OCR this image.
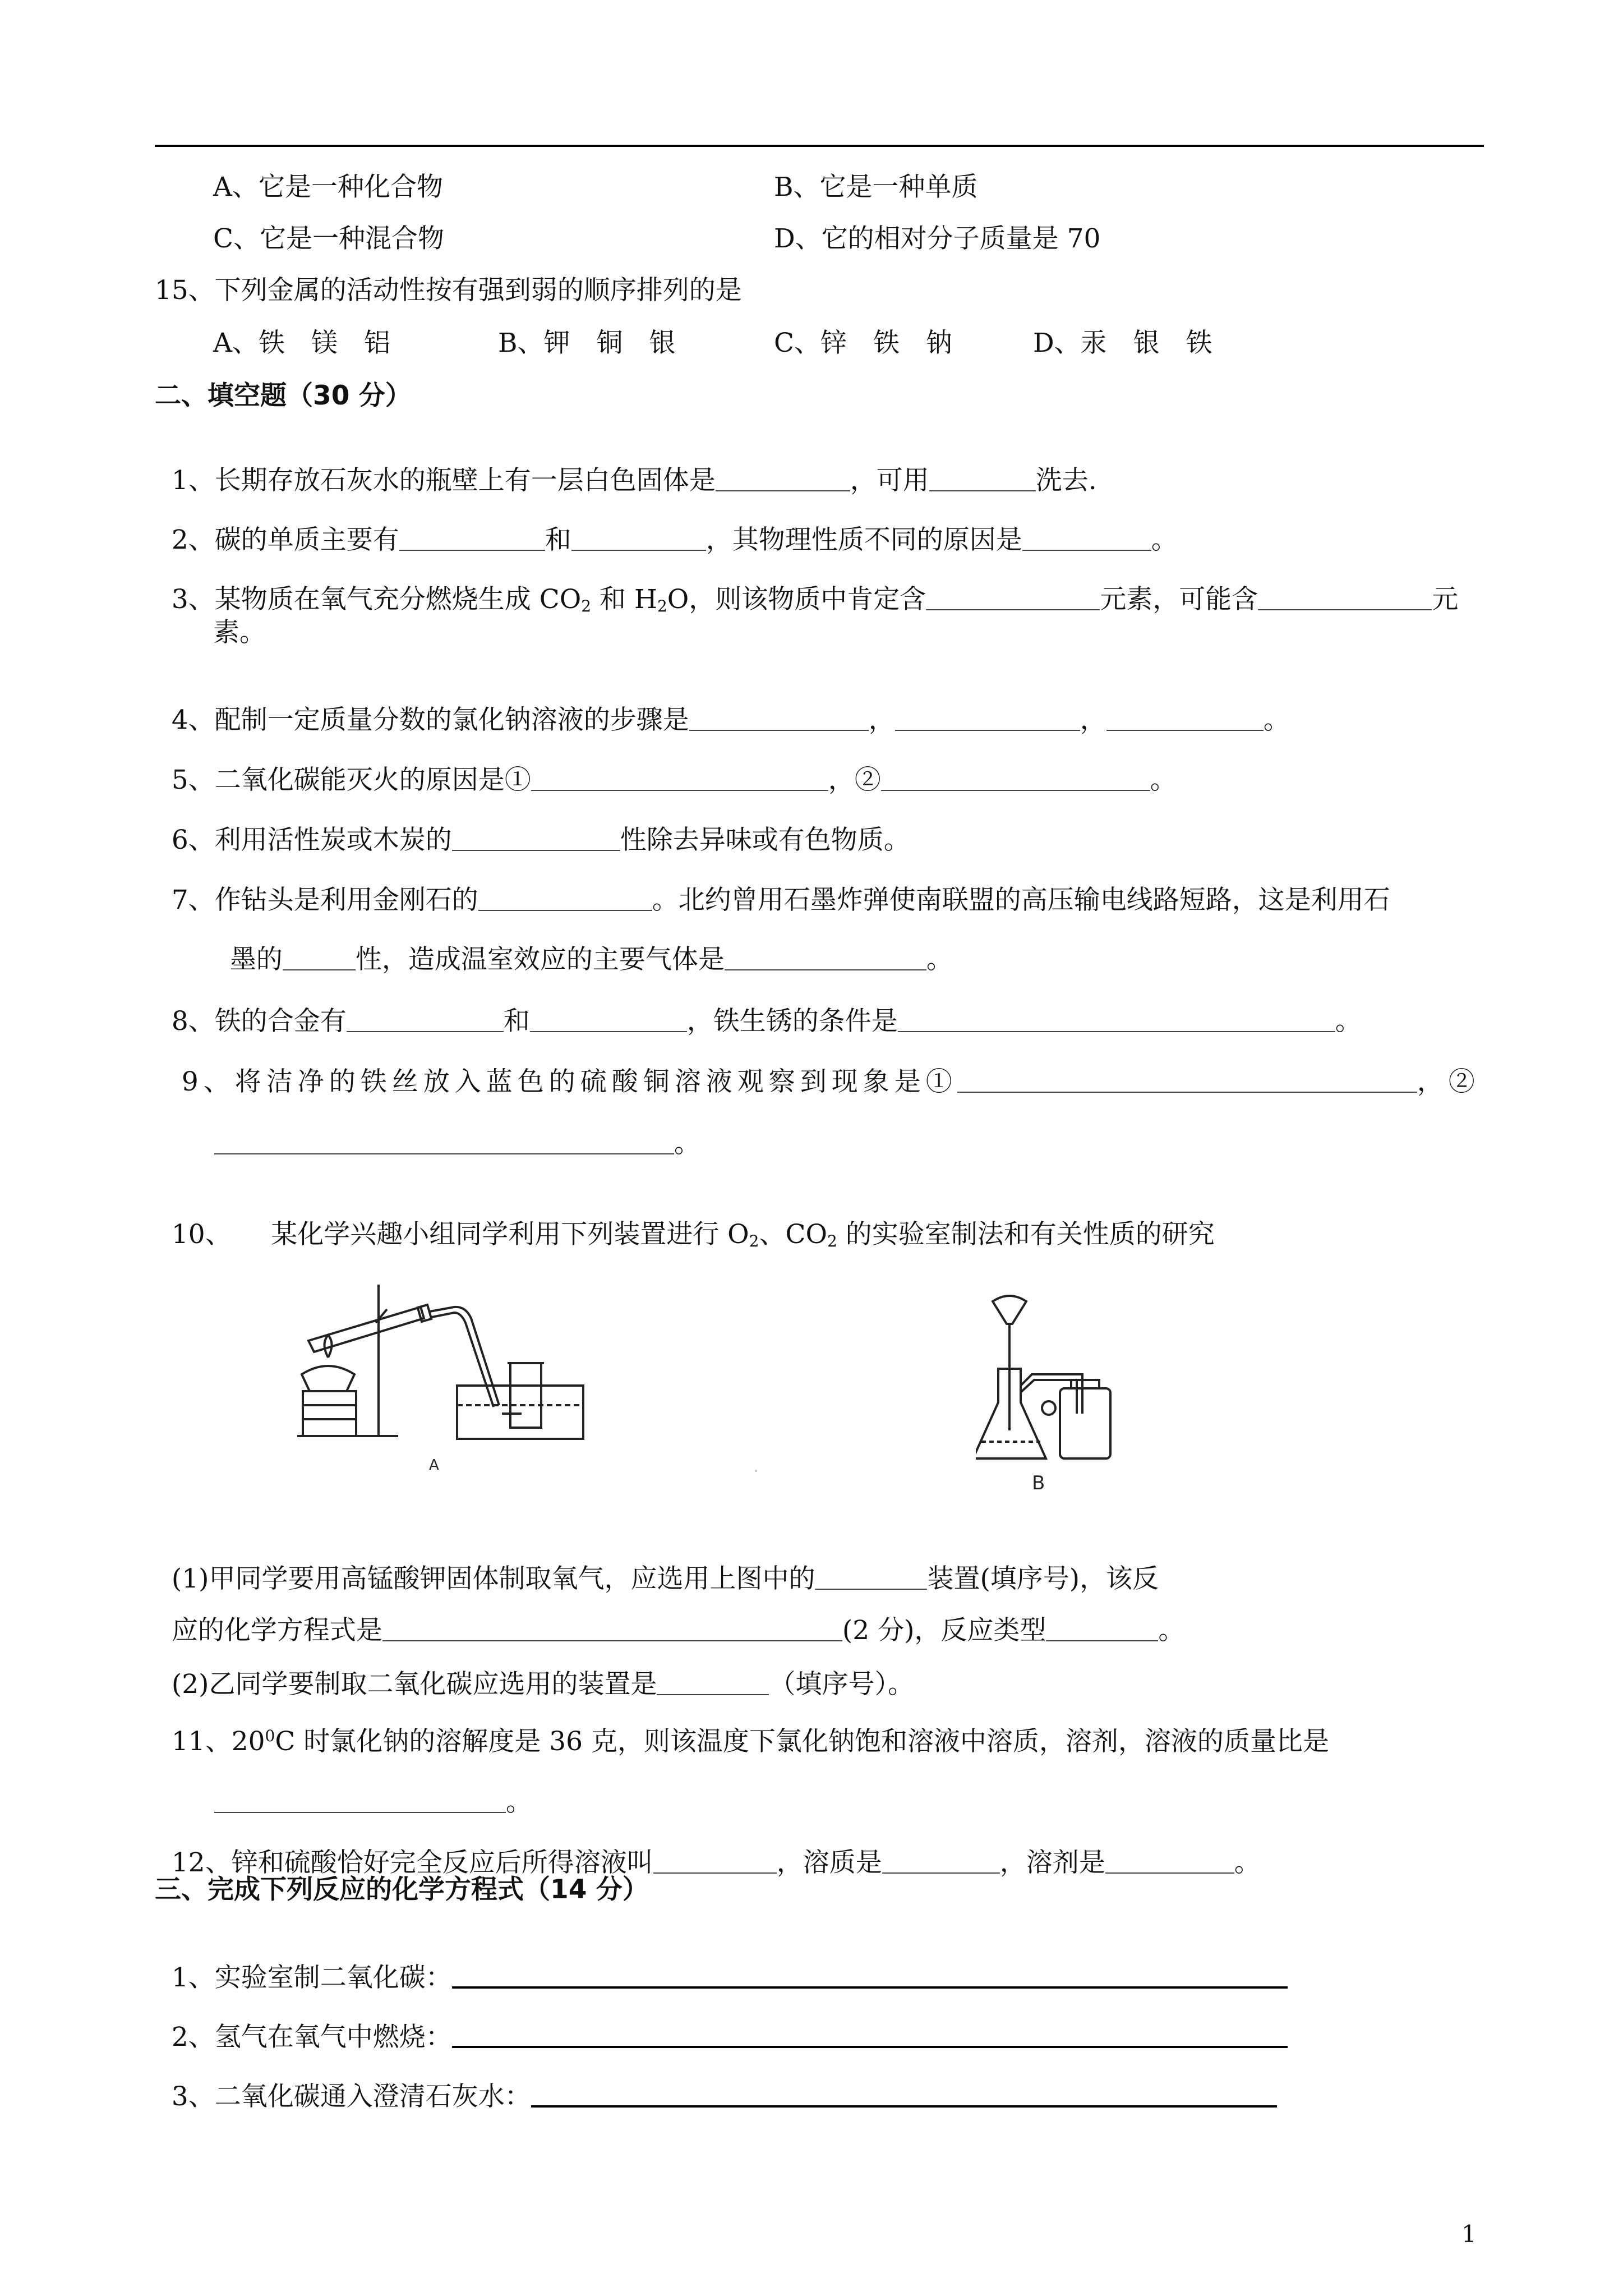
A、它是一种化合物	B、它是一种单质
C、它是一种混合物	D、它的相对分子质量是 70
15、下列金属的活动性按有强到弱的顺序排列的是
A、铁　镁　铝	B、钾　铜　银	C、锌　铁　钠	D、汞　银　铁
二、填空题（30 分）

1、长期存放石灰水的瓶壁上有一层白色固体是	，可用	洗去.

2、碳的单质主要有	和	，其物理性质不同的原因是	。

3、某物质在氧气充分燃烧生成 $CO_2$ 和 $H_2O$，则该物质中肯定含	元素，可能含	元

素。

4、配制一定质量分数的氯化钠溶液的步骤是	，	，	。

5、二氧化碳能灭火的原因是①	，②	。

6、利用活性炭或木炭的	性除去异味或有色物质。

7、作钻头是利用金刚石的	。北约曾用石墨炸弹使南联盟的高压输电线路短路，这是利用石

墨的	性，造成温室效应的主要气体是	。

8、铁的合金有	和	，铁生锈的条件是	。

9、将洁净的铁丝放入蓝色的硫酸铜溶液观察到现象是①	，②

。

10、　　某化学兴趣小组同学利用下列装置进行 $O_2$、$CO_2$ 的实验室制法和有关性质的研究

A
B

(1)甲同学要用高锰酸钾固体制取氧气，应选用上图中的	装置(填序号)，该反

应的化学方程式是	(2 分)，反应类型	。

(2)乙同学要制取二氧化碳应选用的装置是	（填序号）。

11、$20^0C$ 时氯化钠的溶解度是 36 克，则该温度下氯化钠饱和溶液中溶质，溶剂，溶液的质量比是

。

12、锌和硫酸恰好完全反应后所得溶液叫	，溶质是	，溶剂是	。

三、完成下列反应的化学方程式（14 分）

1、实验室制二氧化碳：

2、氢气在氧气中燃烧：

3、二氧化碳通入澄清石灰水：

1
